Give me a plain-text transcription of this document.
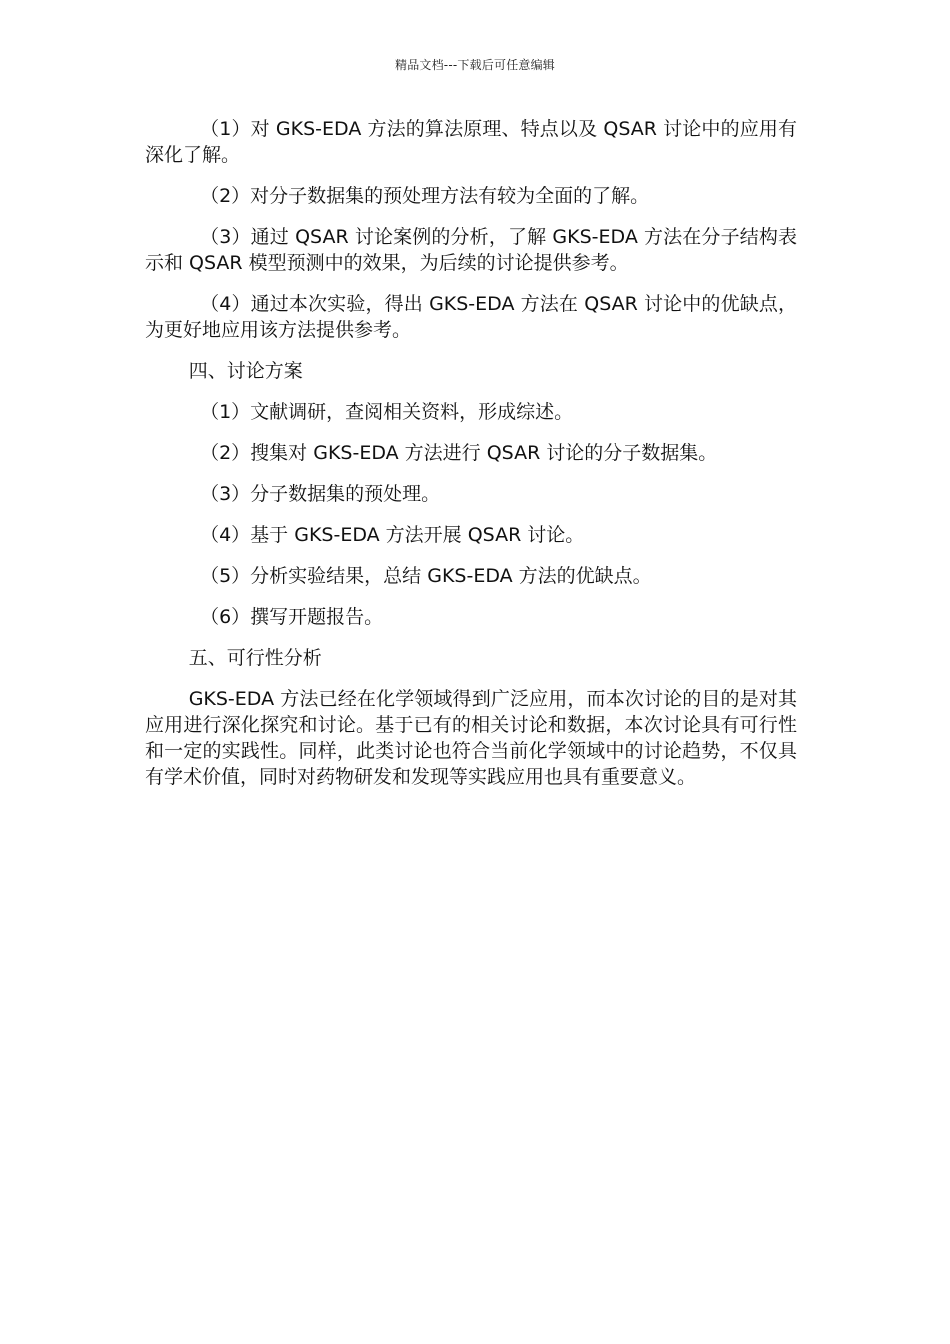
精品文档---下载后可任意编辑

（1）对 GKS-EDA 方法的算法原理、特点以及 QSAR 讨论中的应用有深化了解。

（2）对分子数据集的预处理方法有较为全面的了解。

（3）通过 QSAR 讨论案例的分析，了解 GKS-EDA 方法在分子结构表示和 QSAR 模型预测中的效果，为后续的讨论提供参考。

（4）通过本次实验，得出 GKS-EDA 方法在 QSAR 讨论中的优缺点，为更好地应用该方法提供参考。

四、讨论方案

（1）文献调研，查阅相关资料，形成综述。

（2）搜集对 GKS-EDA 方法进行 QSAR 讨论的分子数据集。

（3）分子数据集的预处理。

（4）基于 GKS-EDA 方法开展 QSAR 讨论。

（5）分析实验结果，总结 GKS-EDA 方法的优缺点。

（6）撰写开题报告。

五、可行性分析

GKS-EDA 方法已经在化学领域得到广泛应用，而本次讨论的目的是对其应用进行深化探究和讨论。基于已有的相关讨论和数据，本次讨论具有可行性和一定的实践性。同样，此类讨论也符合当前化学领域中的讨论趋势，不仅具有学术价值，同时对药物研发和发现等实践应用也具有重要意义。
